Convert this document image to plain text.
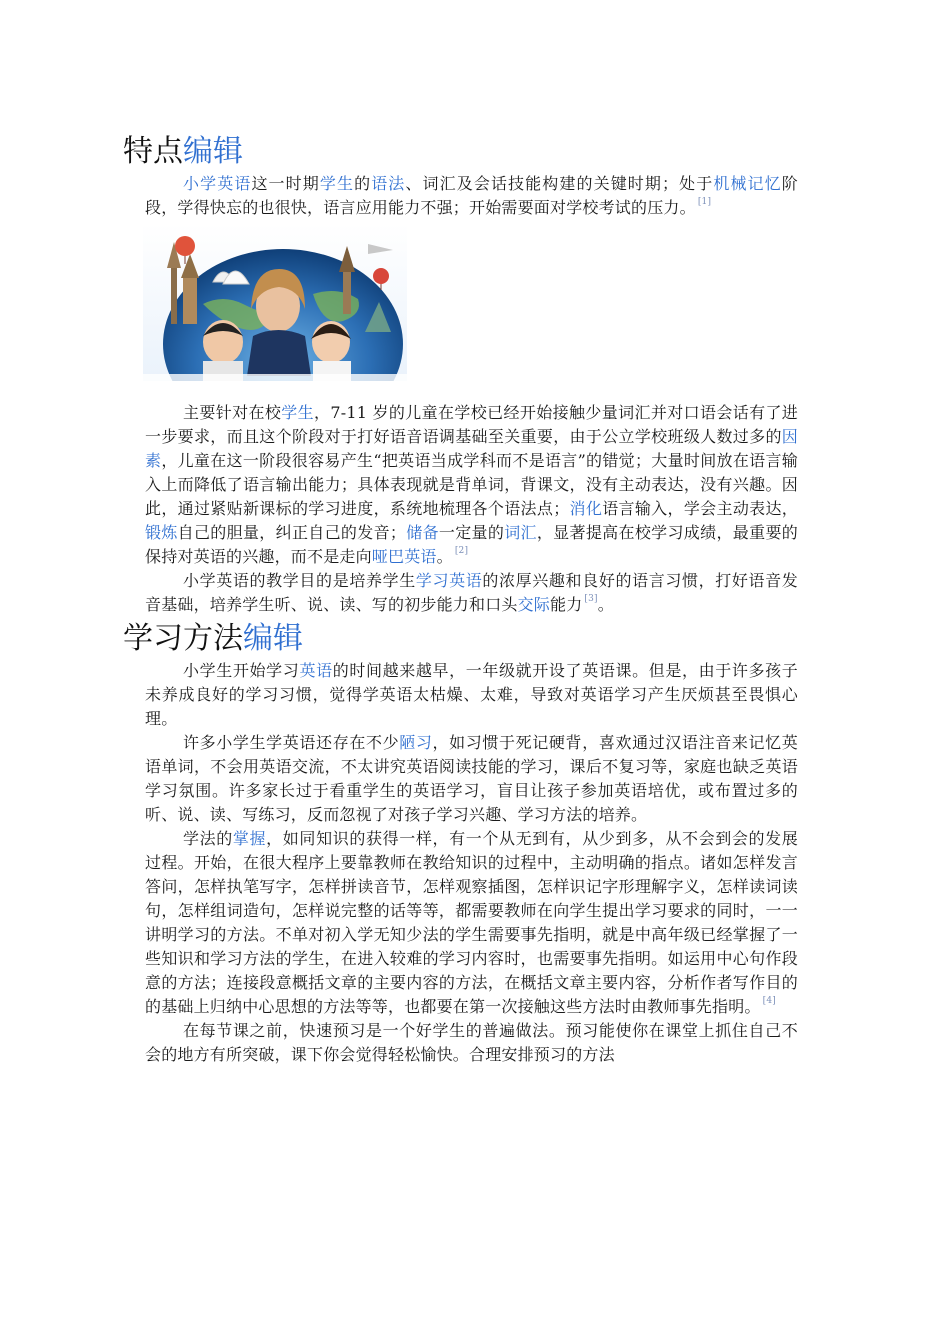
特点编辑

小学英语这一时期学生的语法、词汇及会话技能构建的关键时期；处于机械记忆阶段，学得快忘的也很快，语言应用能力不强；开始需要面对学校考试的压力。 [1]

主要针对在校学生，7-11 岁的儿童在学校已经开始接触少量词汇并对口语会话有了进一步要求，而且这个阶段对于打好语音语调基础至关重要，由于公立学校班级人数过多的因素，儿童在这一阶段很容易产生“把英语当成学科而不是语言”的错觉；大量时间放在语言输入上而降低了语言输出能力；具体表现就是背单词，背课文，没有主动表达，没有兴趣。因此，通过紧贴新课标的学习进度，系统地梳理各个语法点；消化语言输入，学会主动表达，锻炼自己的胆量，纠正自己的发音；储备一定量的词汇，显著提高在校学习成绩，最重要的保持对英语的兴趣，而不是走向哑巴英语。 [2]

小学英语的教学目的是培养学生学习英语的浓厚兴趣和良好的语言习惯，打好语音发音基础，培养学生听、说、读、写的初步能力和口头交际能力 [3]。

学习方法编辑

小学生开始学习英语的时间越来越早，一年级就开设了英语课。但是，由于许多孩子未养成良好的学习习惯，觉得学英语太枯燥、太难，导致对英语学习产生厌烦甚至畏惧心理。

许多小学生学英语还存在不少陋习，如习惯于死记硬背，喜欢通过汉语注音来记忆英语单词，不会用英语交流，不太讲究英语阅读技能的学习，课后不复习等，家庭也缺乏英语学习氛围。许多家长过于看重学生的英语学习，盲目让孩子参加英语培优，或布置过多的听、说、读、写练习，反而忽视了对孩子学习兴趣、学习方法的培养。

学法的掌握，如同知识的获得一样，有一个从无到有，从少到多，从不会到会的发展过程。开始，在很大程序上要靠教师在教给知识的过程中，主动明确的指点。诸如怎样发言答问，怎样执笔写字，怎样拼读音节，怎样观察插图，怎样识记字形理解字义，怎样读词读句，怎样组词造句，怎样说完整的话等等，都需要教师在向学生提出学习要求的同时，一一讲明学习的方法。不单对初入学无知少法的学生需要事先指明，就是中高年级已经掌握了一些知识和学习方法的学生，在进入较难的学习内容时，也需要事先指明。如运用中心句作段意的方法；连接段意概括文章的主要内容的方法，在概括文章主要内容，分析作者写作目的的基础上归纳中心思想的方法等等，也都要在第一次接触这些方法时由教师事先指明。 [4]

在每节课之前，快速预习是一个好学生的普遍做法。预习能使你在课堂上抓住自己不会的地方有所突破，课下你会觉得轻松愉快。合理安排预习的方法
